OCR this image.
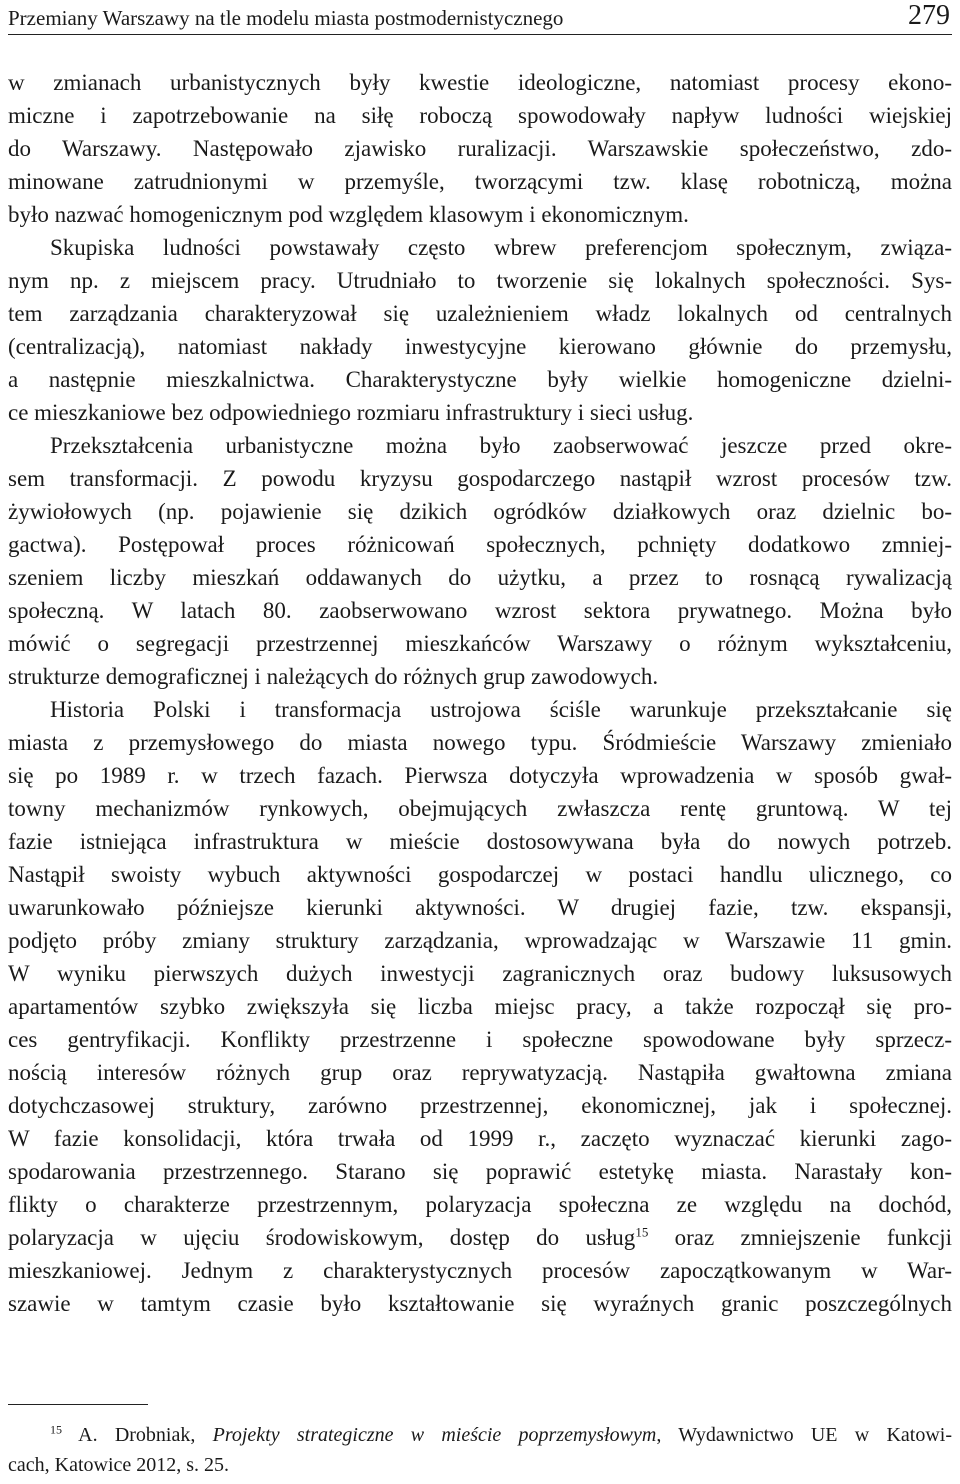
Przemiany Warszawy na tle modelu miasta postmodernistycznego	279
w zmianach urbanistycznych były kwestie ideologiczne, natomiast procesy ekono-
miczne i zapotrzebowanie na siłę roboczą spowodowały napływ ludności wiejskiej
do Warszawy. Następowało zjawisko ruralizacji. Warszawskie społeczeństwo, zdo-
minowane zatrudnionymi w przemyśle, tworzącymi tzw. klasę robotniczą, można
było nazwać homogenicznym pod względem klasowym i ekonomicznym.
Skupiska ludności powstawały często wbrew preferencjom społecznym, związa-
nym np. z miejscem pracy. Utrudniało to tworzenie się lokalnych społeczności. Sys-
tem zarządzania charakteryzował się uzależnieniem władz lokalnych od centralnych
(centralizacją), natomiast nakłady inwestycyjne kierowano głównie do przemysłu,
a następnie mieszkalnictwa. Charakterystyczne były wielkie homogeniczne dzielni-
ce mieszkaniowe bez odpowiedniego rozmiaru infrastruktury i sieci usług.
Przekształcenia urbanistyczne można było zaobserwować jeszcze przed okre-
sem transformacji. Z powodu kryzysu gospodarczego nastąpił wzrost procesów tzw.
żywiołowych (np. pojawienie się dzikich ogródków działkowych oraz dzielnic bo-
gactwa). Postępował proces różnicowań społecznych, pchnięty dodatkowo zmniej-
szeniem liczby mieszkań oddawanych do użytku, a przez to rosnącą rywalizacją
społeczną. W latach 80. zaobserwowano wzrost sektora prywatnego. Można było
mówić o segregacji przestrzennej mieszkańców Warszawy o różnym wykształceniu,
strukturze demograficznej i należących do różnych grup zawodowych.
Historia Polski i transformacja ustrojowa ściśle warunkuje przekształcanie się
miasta z przemysłowego do miasta nowego typu. Śródmieście Warszawy zmieniało
się po 1989 r. w trzech fazach. Pierwsza dotyczyła wprowadzenia w sposób gwał-
towny mechanizmów rynkowych, obejmujących zwłaszcza rentę gruntową. W tej
fazie istniejąca infrastruktura w mieście dostosowywana była do nowych potrzeb.
Nastąpił swoisty wybuch aktywności gospodarczej w postaci handlu ulicznego, co
uwarunkowało późniejsze kierunki aktywności. W drugiej fazie, tzw. ekspansji,
podjęto próby zmiany struktury zarządzania, wprowadzając w Warszawie 11 gmin.
W wyniku pierwszych dużych inwestycji zagranicznych oraz budowy luksusowych
apartamentów szybko zwiększyła się liczba miejsc pracy, a także rozpoczął się pro-
ces gentryfikacji. Konflikty przestrzenne i społeczne spowodowane były sprzecz-
nością interesów różnych grup oraz reprywatyzacją. Nastąpiła gwałtowna zmiana
dotychczasowej struktury, zarówno przestrzennej, ekonomicznej, jak i społecznej.
W fazie konsolidacji, która trwała od 1999 r., zaczęto wyznaczać kierunki zago-
spodarowania przestrzennego. Starano się poprawić estetykę miasta. Narastały kon-
flikty o charakterze przestrzennym, polaryzacja społeczna ze względu na dochód,
polaryzacja w ujęciu środowiskowym, dostęp do usług$^{15}$ oraz zmniejszenie funkcji
mieszkaniowej. Jednym z charakterystycznych procesów zapoczątkowanym w War-
szawie w tamtym czasie było kształtowanie się wyraźnych granic poszczególnych
$^{15}$ A. Drobniak, Projekty strategiczne w mieście poprzemysłowym, Wydawnictwo UE w Katowi-
cach, Katowice 2012, s. 25.
